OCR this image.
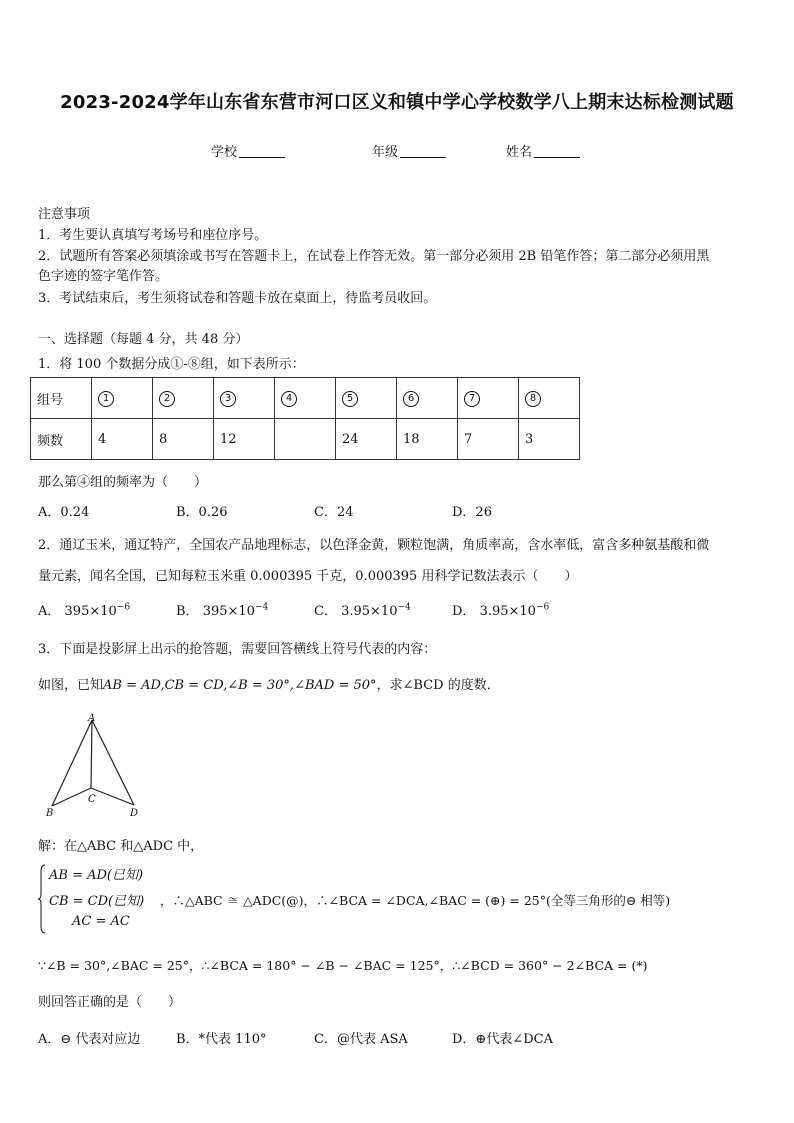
2023-2024学年山东省东营市河口区义和镇中学心学校数学八上期末达标检测试题
学校	年级	姓名
注意事项
1．考生要认真填写考场号和座位序号。
2．试题所有答案必须填涂或书写在答题卡上，在试卷上作答无效。第一部分必须用 2B 铅笔作答；第二部分必须用黑
色字迹的签字笔作答。
3．考试结束后，考生须将试卷和答题卡放在桌面上，待监考员收回。
一、选择题（每题 4 分，共 48 分）
1．将 100 个数据分成①-⑧组，如下表所示：
组号	1	2	3	4	5	6	7	8
频数	4	8	12		24	18	7	3
那么第④组的频率为（　　）
A．0.24	B．0.26	C．24	D．26
2．通辽玉米，通辽特产，全国农产品地理标志，以色泽金黄，颗粒饱满，角质率高，含水率低，富含多种氨基酸和微
量元素，闻名全国，已知每粒玉米重 0.000395 千克，0.000395 用科学记数法表示（　　）
A． $395\times 10^{-6}$	B． $395\times 10^{-4}$	C． $3.95\times 10^{-4}$	D． $3.95\times 10^{-6}$
3．下面是投影屏上出示的抢答题，需要回答横线上符号代表的内容：
如图，已知AB = AD,CB = CD,∠B = 30°,∠BAD = 50°，求∠BCD 的度数．
A
B
C
D
解：在△ABC 和△ADC 中，
AB = AD(已知)
CB = CD(已知)
AC = AC
，∴△ABC ≅ △ADC(@)，∴∠BCA = ∠DCA,∠BAC = (⊕) = 25°(全等三角形的⊖ 相等)
∵∠B = 30°,∠BAC = 25°，∴∠BCA = 180° − ∠B − ∠BAC = 125°，∴∠BCD = 360° − 2∠BCA = (*)
则回答正确的是（　　）
A．⊖ 代表对应边	B．*代表 110°	C．@代表 ASA	D．⊕代表∠DCA
